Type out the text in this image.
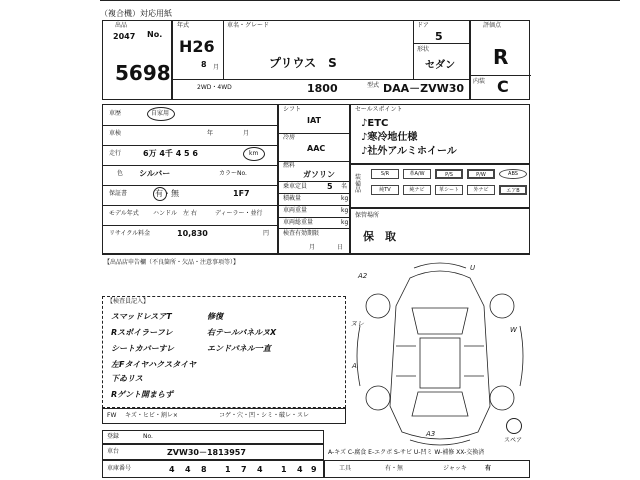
（複合機）対応用紙
出品
2047 No.
5698
年式
H26
8 月
車名・グレード
プリウス　S
ドア
5
形状
セダン
2WD・4WD	1800	型式 DAA－ZVW30
評価点
R
内装 C
車歴	自家用
車検	年	月
走行	6万 4千 4 5 6	km
色 シルバー	カラーNo.
保証書	有・無	1F7
モデル年式 ハンドル 左 右	ディーラー・並行
リサイクル料金	10,830	円
シフト
IAT
冷房
AAC
燃料
ガソリン
乗車定員 5 名
積載量	kg
車両重量	kg
車両総重量	kg
検査有効期限
月	日
セールスポイント
♪ETC
♪寒冷地仕様
♪社外アルミホイール
装備品
S/R	革A/W	P/S	P/W	ABS
純TV	純ナビ	革シート	外ナビ	エアB
保管場所
保　取
【出品店申告欄（不良箇所・欠品・注意事項等）】
【検査員記入】
スマッドレスアT
Rスポイラーフレ
シートカバーすレ
左Fタイヤハクスタイヤ
下ゐリス
Rゲント開まらず
修復
右テールパネルヌX
エンドパネル一直
FW キズ・ヒビ・割レ×	コゲ・穴・凹・シミ・破レ・スレ
登録	No.
車台	ZVW30－1813957
車庫番号	4 4 8 1 7 4 1 4 9
A2
ヌレ
A
W
A3
U
スペア
A-キズ C-腐食 E-エクボ S-サビ U-凹ミ W-補修 XX-交換済
工具	有・無	ジャッキ	有
